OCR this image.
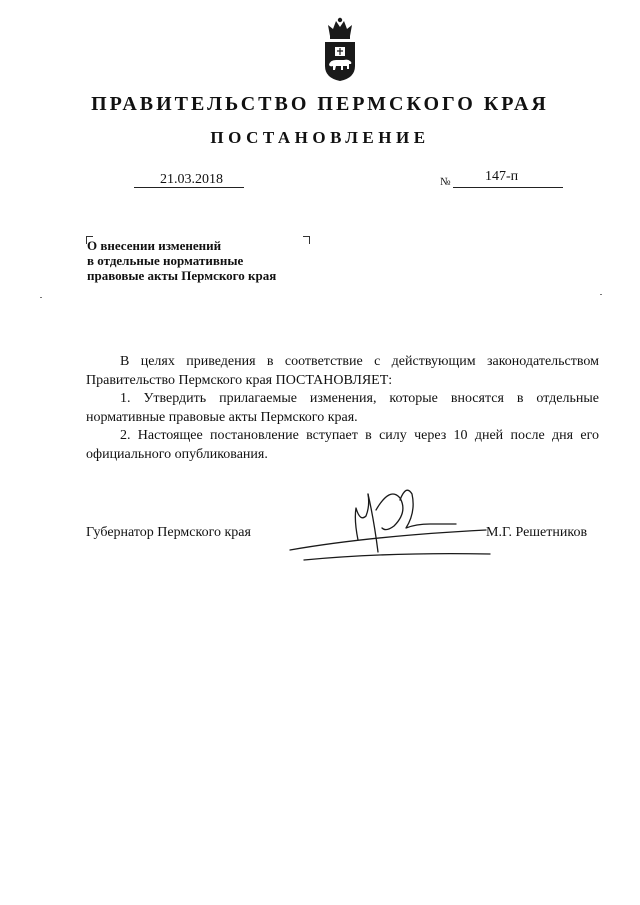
ПРАВИТЕЛЬСТВО ПЕРМСКОГО КРАЯ
ПОСТАНОВЛЕНИЕ
21.03.2018	№ 147-п
О внесении изменений
в отдельные нормативные
правовые акты Пермского края

В целях приведения в соответствие с действующим законодательством Правительство Пермского края ПОСТАНОВЛЯЕТ:

1. Утвердить прилагаемые изменения, которые вносятся в отдельные нормативные правовые акты Пермского края.

2. Настоящее постановление вступает в силу через 10 дней после дня его официального опубликования.

Губернатор Пермского края	М.Г. Решетников
